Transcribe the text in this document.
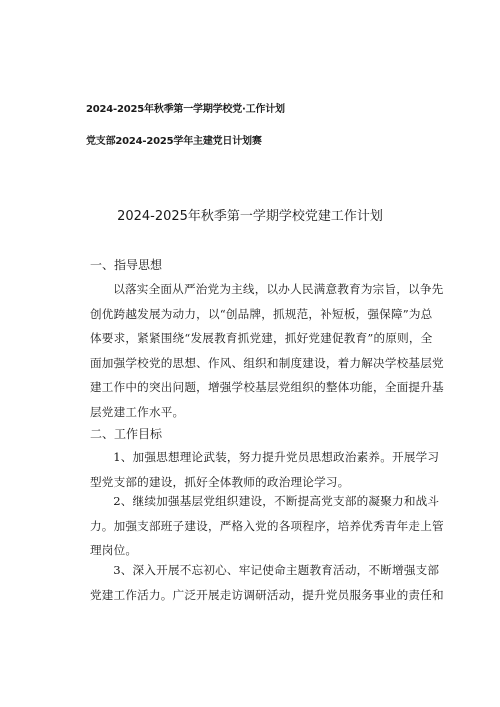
2024-2025年秋季第一学期学校党·工作计划
党支部2024-2025学年主建党日计划赛
2024-2025年秋季第一学期学校党建工作计划
一、指导思想
以落实全面从严治党为主线，以办人民满意教育为宗旨，以争先
创优跨越发展为动力，以“创品牌，抓规范，补短板，强保障”为总
体要求，紧紧围绕“发展教育抓党建，抓好党建促教育”的原则，全
面加强学校党的思想、作风、组织和制度建设，着力解决学校基层党
建工作中的突出问题，增强学校基层党组织的整体功能，全面提升基
层党建工作水平。
二、工作目标
1、加强思想理论武装，努力提升党员思想政治素养。开展学习
型党支部的建设，抓好全体教师的政治理论学习。
2、继续加强基层党组织建设，不断提高党支部的凝聚力和战斗
力。加强支部班子建设，严格入党的各项程序，培养优秀青年走上管
理岗位。
3、深入开展不忘初心、牢记使命主题教育活动，不断增强支部
党建工作活力。广泛开展走访调研活动，提升党员服务事业的责任和
